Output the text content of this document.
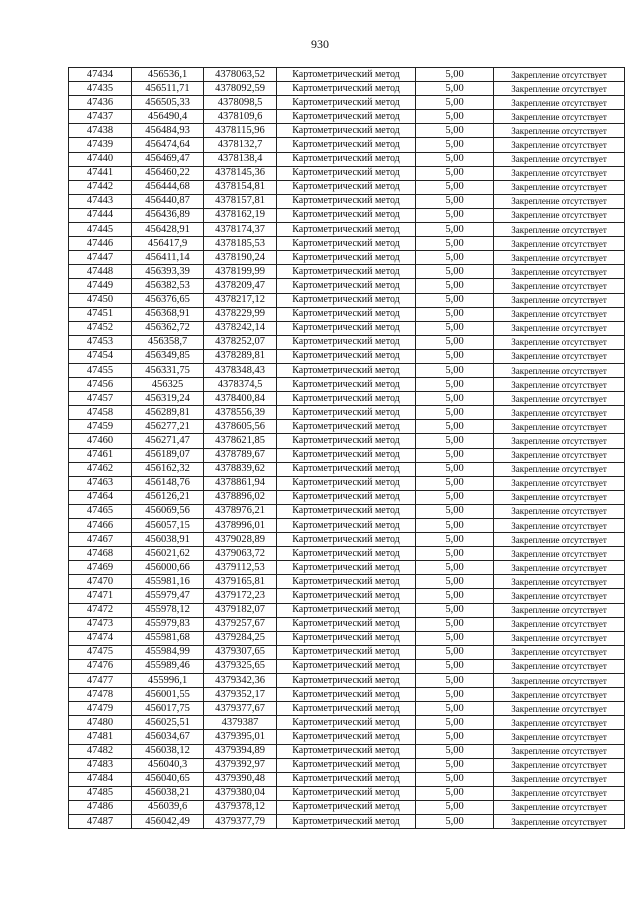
930
47434	456536,1	4378063,52	Картометрический метод	5,00	Закрепление отсутствует
47435	456511,71	4378092,59	Картометрический метод	5,00	Закрепление отсутствует
47436	456505,33	4378098,5	Картометрический метод	5,00	Закрепление отсутствует
47437	456490,4	4378109,6	Картометрический метод	5,00	Закрепление отсутствует
47438	456484,93	4378115,96	Картометрический метод	5,00	Закрепление отсутствует
47439	456474,64	4378132,7	Картометрический метод	5,00	Закрепление отсутствует
47440	456469,47	4378138,4	Картометрический метод	5,00	Закрепление отсутствует
47441	456460,22	4378145,36	Картометрический метод	5,00	Закрепление отсутствует
47442	456444,68	4378154,81	Картометрический метод	5,00	Закрепление отсутствует
47443	456440,87	4378157,81	Картометрический метод	5,00	Закрепление отсутствует
47444	456436,89	4378162,19	Картометрический метод	5,00	Закрепление отсутствует
47445	456428,91	4378174,37	Картометрический метод	5,00	Закрепление отсутствует
47446	456417,9	4378185,53	Картометрический метод	5,00	Закрепление отсутствует
47447	456411,14	4378190,24	Картометрический метод	5,00	Закрепление отсутствует
47448	456393,39	4378199,99	Картометрический метод	5,00	Закрепление отсутствует
47449	456382,53	4378209,47	Картометрический метод	5,00	Закрепление отсутствует
47450	456376,65	4378217,12	Картометрический метод	5,00	Закрепление отсутствует
47451	456368,91	4378229,99	Картометрический метод	5,00	Закрепление отсутствует
47452	456362,72	4378242,14	Картометрический метод	5,00	Закрепление отсутствует
47453	456358,7	4378252,07	Картометрический метод	5,00	Закрепление отсутствует
47454	456349,85	4378289,81	Картометрический метод	5,00	Закрепление отсутствует
47455	456331,75	4378348,43	Картометрический метод	5,00	Закрепление отсутствует
47456	456325	4378374,5	Картометрический метод	5,00	Закрепление отсутствует
47457	456319,24	4378400,84	Картометрический метод	5,00	Закрепление отсутствует
47458	456289,81	4378556,39	Картометрический метод	5,00	Закрепление отсутствует
47459	456277,21	4378605,56	Картометрический метод	5,00	Закрепление отсутствует
47460	456271,47	4378621,85	Картометрический метод	5,00	Закрепление отсутствует
47461	456189,07	4378789,67	Картометрический метод	5,00	Закрепление отсутствует
47462	456162,32	4378839,62	Картометрический метод	5,00	Закрепление отсутствует
47463	456148,76	4378861,94	Картометрический метод	5,00	Закрепление отсутствует
47464	456126,21	4378896,02	Картометрический метод	5,00	Закрепление отсутствует
47465	456069,56	4378976,21	Картометрический метод	5,00	Закрепление отсутствует
47466	456057,15	4378996,01	Картометрический метод	5,00	Закрепление отсутствует
47467	456038,91	4379028,89	Картометрический метод	5,00	Закрепление отсутствует
47468	456021,62	4379063,72	Картометрический метод	5,00	Закрепление отсутствует
47469	456000,66	4379112,53	Картометрический метод	5,00	Закрепление отсутствует
47470	455981,16	4379165,81	Картометрический метод	5,00	Закрепление отсутствует
47471	455979,47	4379172,23	Картометрический метод	5,00	Закрепление отсутствует
47472	455978,12	4379182,07	Картометрический метод	5,00	Закрепление отсутствует
47473	455979,83	4379257,67	Картометрический метод	5,00	Закрепление отсутствует
47474	455981,68	4379284,25	Картометрический метод	5,00	Закрепление отсутствует
47475	455984,99	4379307,65	Картометрический метод	5,00	Закрепление отсутствует
47476	455989,46	4379325,65	Картометрический метод	5,00	Закрепление отсутствует
47477	455996,1	4379342,36	Картометрический метод	5,00	Закрепление отсутствует
47478	456001,55	4379352,17	Картометрический метод	5,00	Закрепление отсутствует
47479	456017,75	4379377,67	Картометрический метод	5,00	Закрепление отсутствует
47480	456025,51	4379387	Картометрический метод	5,00	Закрепление отсутствует
47481	456034,67	4379395,01	Картометрический метод	5,00	Закрепление отсутствует
47482	456038,12	4379394,89	Картометрический метод	5,00	Закрепление отсутствует
47483	456040,3	4379392,97	Картометрический метод	5,00	Закрепление отсутствует
47484	456040,65	4379390,48	Картометрический метод	5,00	Закрепление отсутствует
47485	456038,21	4379380,04	Картометрический метод	5,00	Закрепление отсутствует
47486	456039,6	4379378,12	Картометрический метод	5,00	Закрепление отсутствует
47487	456042,49	4379377,79	Картометрический метод	5,00	Закрепление отсутствует
